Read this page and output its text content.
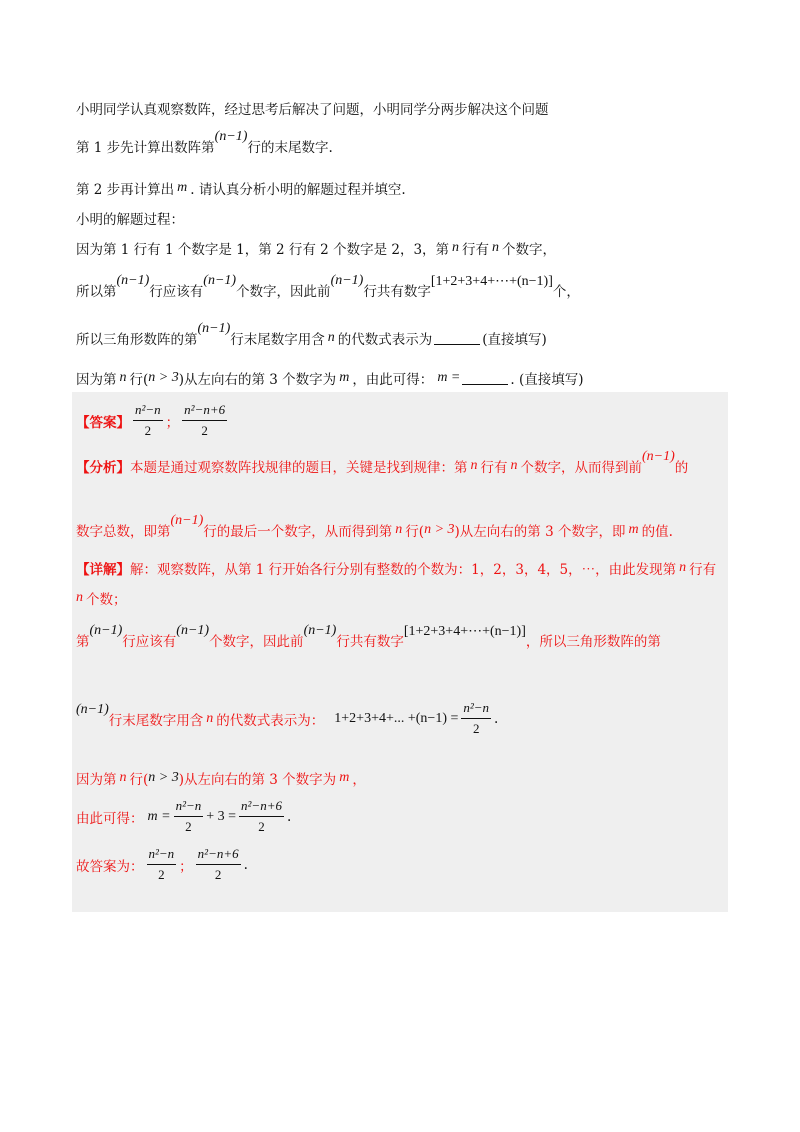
小明同学认真观察数阵，经过思考后解决了问题，小明同学分两步解决这个问题
第 1 步先计算出数阵第
(n−1)
行的末尾数字.
第 2 步再计算出 m . 请认真分析小明的解题过程并填空.
小明的解题过程：
因为第 1 行有 1 个数字是 1，第 2 行有 2 个数字是 2，3，第 n 行有 n 个数字，
所以第
(n−1)
行应该有
(n−1)
个数字，因此前
(n−1)
行共有数字
[1+2+3+4+⋯+(n−1)]
个，
所以三角形数阵的第
(n−1)
行末尾数字用含 n 的代数式表示为	(直接填写)
因为第 n 行( n > 3 )从左向右的第 3 个数字为 m ，由此可得： m =	. (直接填写)
【答案】 $\frac{\text{n²−n}}{2}$ ； $\frac{\text{n²−n+6}}{2}$
【分析】 本题是通过观察数阵找规律的题目，关键是找到规律：第 n 行有 n 个数字，从而得到前
(n−1)
的
数字总数，即第
(n−1)
行的最后一个数字，从而得到第 n 行( n > 3 )从左向右的第 3 个数字，即 m 的值.
【详解】 解：观察数阵，从第 1 行开始各行分别有整数的个数为：1，2，3，4，5，⋯，由此发现第 n 行有
n 个数；
第
(n−1)
行应该有
(n−1)
个数字，因此前
(n−1)
行共有数字
[1+2+3+4+⋯+(n−1)]
，所以三角形数阵的第
(n−1)
行末尾数字用含 n 的代数式表示为： 1+2+3+4+... $+(n-1) = \frac{\text{n²−n}}{2}$ .
因为第 n 行( n > 3 )从左向右的第 3 个数字为 m ，
由此可得： $m = \frac{\text{n²−n}}{2} + 3 = \frac{\text{n²−n+6}}{2}$ .
故答案为： $\frac{\text{n²−n}}{2}$ ； $\frac{\text{n²−n+6}}{2}$ .
